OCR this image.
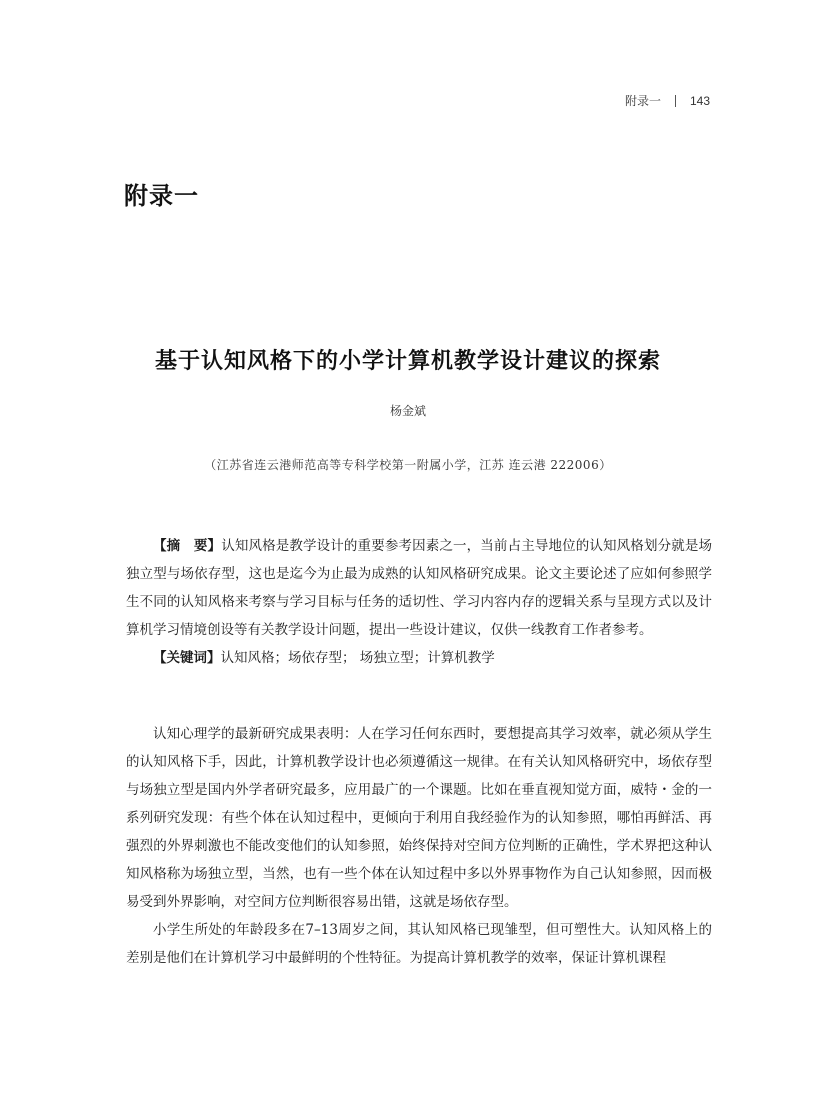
附录一 143
附录一
基于认知风格下的小学计算机教学设计建议的探索
杨金斌
（江苏省连云港师范高等专科学校第一附属小学，江苏 连云港 222006）

【摘　要】认知风格是教学设计的重要参考因素之一，当前占主导地位的认知风格划分就是场独立型与场依存型，这也是迄今为止最为成熟的认知风格研究成果。论文主要论述了应如何参照学生不同的认知风格来考察与学习目标与任务的适切性、学习内容内存的逻辑关系与呈现方式以及计算机学习情境创设等有关教学设计问题，提出一些设计建议，仅供一线教育工作者参考。

【关键词】认知风格；场依存型； 场独立型；计算机教学

认知心理学的最新研究成果表明：人在学习任何东西时，要想提高其学习效率，就必须从学生的认知风格下手，因此，计算机教学设计也必须遵循这一规律。在有关认知风格研究中，场依存型与场独立型是国内外学者研究最多，应用最广的一个课题。比如在垂直视知觉方面，威特・金的一系列研究发现：有些个体在认知过程中，更倾向于利用自我经验作为的认知参照，哪怕再鲜活、再强烈的外界刺激也不能改变他们的认知参照，始终保持对空间方位判断的正确性，学术界把这种认知风格称为场独立型，当然，也有一些个体在认知过程中多以外界事物作为自己认知参照，因而极易受到外界影响，对空间方位判断很容易出错，这就是场依存型。

小学生所处的年龄段多在7–13周岁之间，其认知风格已现雏型，但可塑性大。认知风格上的差别是他们在计算机学习中最鲜明的个性特征。为提高计算机教学的效率，保证计算机课程
